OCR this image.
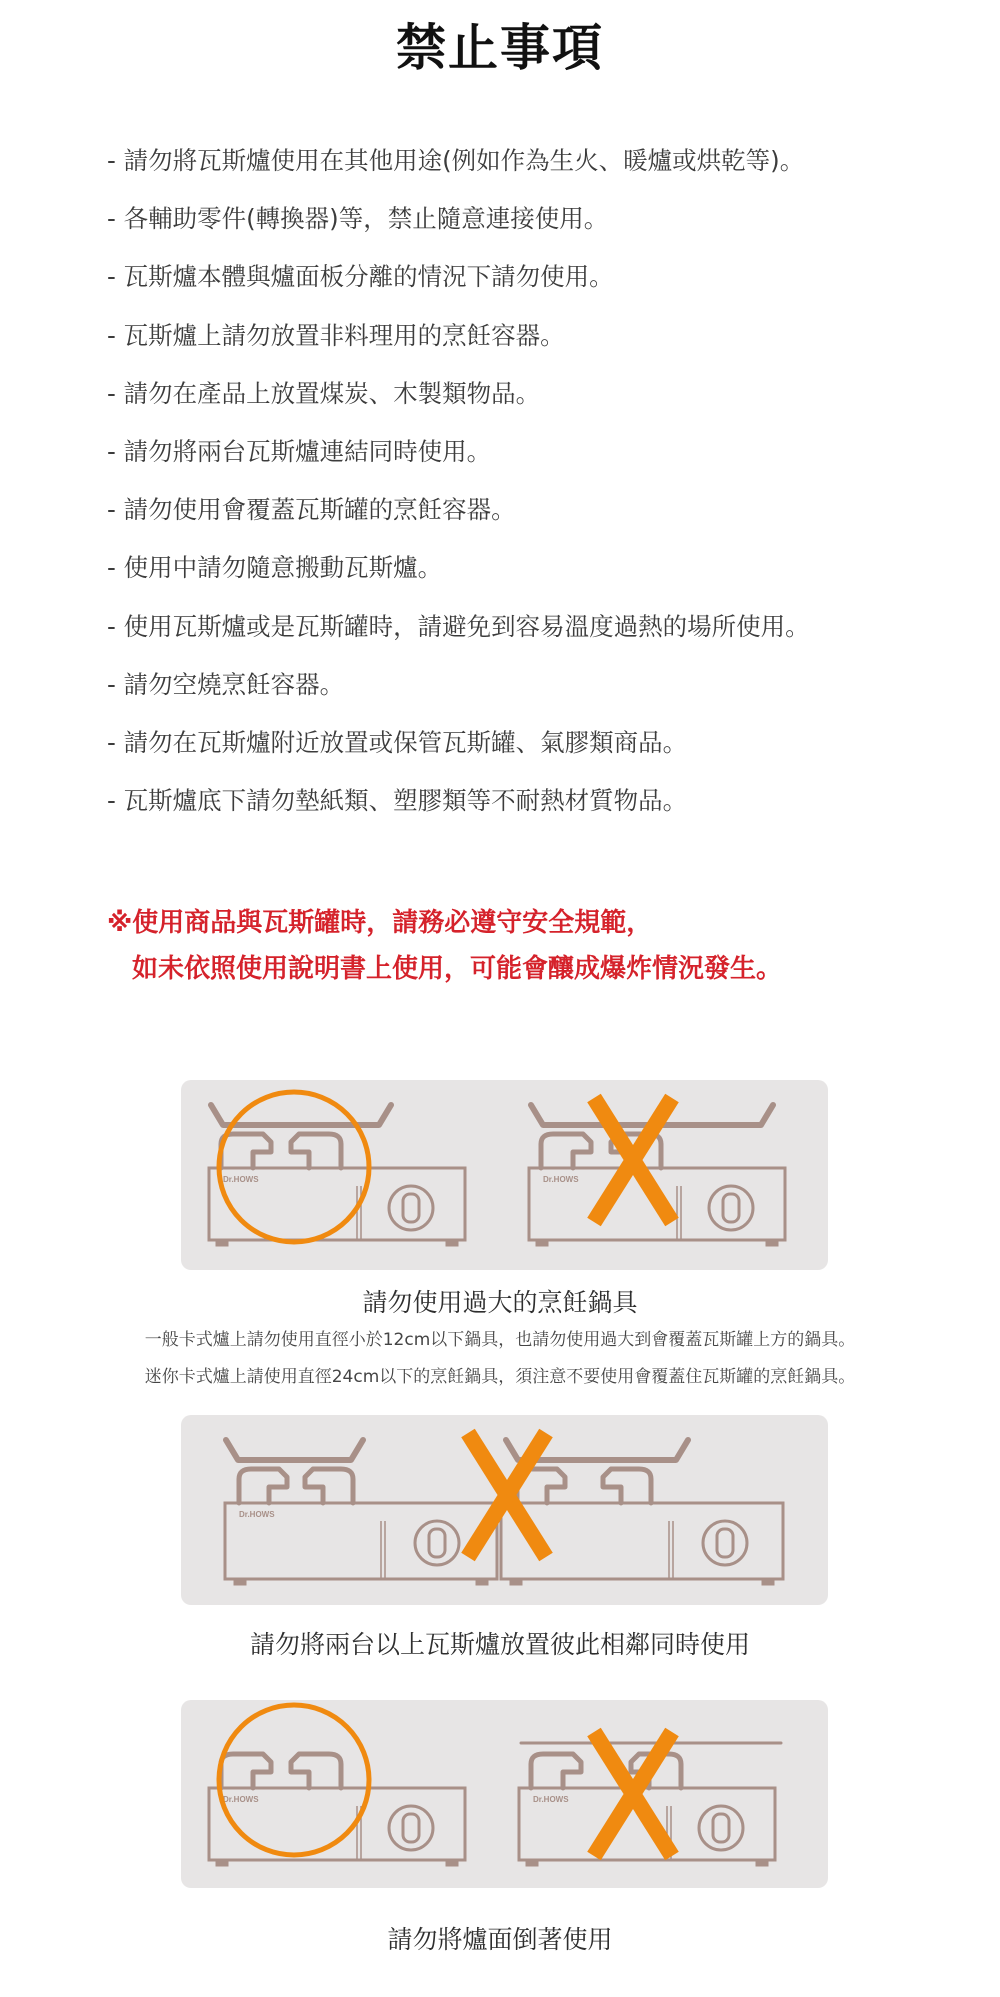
禁止事項
- 請勿將瓦斯爐使用在其他用途(例如作為生火、暖爐或烘乾等)。
- 各輔助零件(轉換器)等，禁止隨意連接使用。
- 瓦斯爐本體與爐面板分離的情況下請勿使用。
- 瓦斯爐上請勿放置非料理用的烹飪容器。
- 請勿在產品上放置煤炭、木製類物品。
- 請勿將兩台瓦斯爐連結同時使用。
- 請勿使用會覆蓋瓦斯罐的烹飪容器。
- 使用中請勿隨意搬動瓦斯爐。
- 使用瓦斯爐或是瓦斯罐時，請避免到容易溫度過熱的場所使用。
- 請勿空燒烹飪容器。
- 請勿在瓦斯爐附近放置或保管瓦斯罐、氣膠類商品。
- 瓦斯爐底下請勿墊紙類、塑膠類等不耐熱材質物品。
※使用商品與瓦斯罐時，請務必遵守安全規範，
如未依照使用說明書上使用，可能會釀成爆炸情況發生。
Dr.HOWS	Dr.HOWS
請勿使用過大的烹飪鍋具
一般卡式爐上請勿使用直徑小於12cm以下鍋具，也請勿使用過大到會覆蓋瓦斯罐上方的鍋具。
迷你卡式爐上請使用直徑24cm以下的烹飪鍋具，須注意不要使用會覆蓋住瓦斯罐的烹飪鍋具。
Dr.HOWS
請勿將兩台以上瓦斯爐放置彼此相鄰同時使用
Dr.HOWS	Dr.HOWS
請勿將爐面倒著使用
